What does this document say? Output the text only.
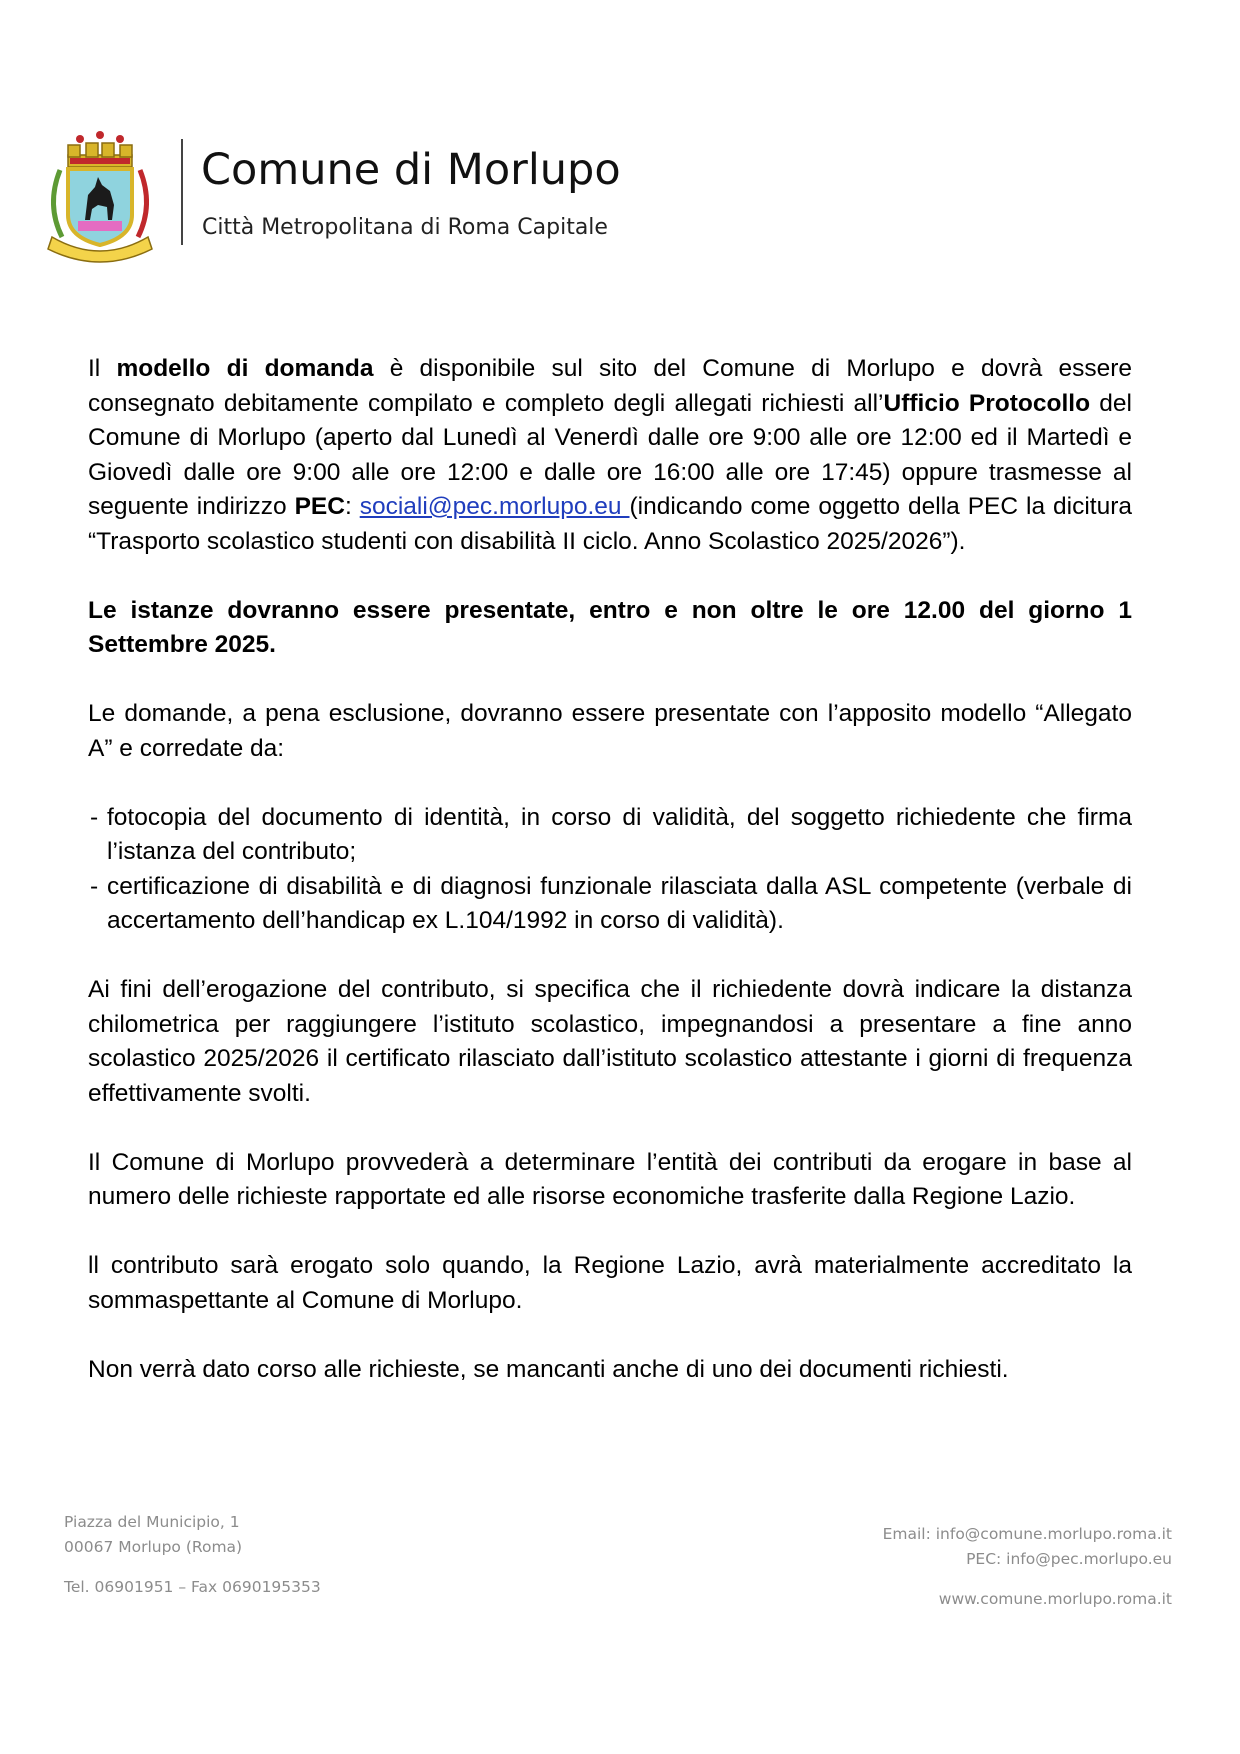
Comune di Morlupo
Città Metropolitana di Roma Capitale

Il modello di domanda è disponibile sul sito del Comune di Morlupo e dovrà essere consegnato debitamente compilato e completo degli allegati richiesti all’Ufficio Protocollo del Comune di Morlupo (aperto dal Lunedì al Venerdì dalle ore 9:00 alle ore 12:00 ed il Martedì e Giovedì dalle ore 9:00 alle ore 12:00 e dalle ore 16:00 alle ore 17:45) oppure trasmesse al seguente indirizzo PEC: sociali@pec.morlupo.eu (indicando come oggetto della PEC la dicitura “Trasporto scolastico studenti con disabilità II ciclo. Anno Scolastico 2025/2026”).

Le istanze dovranno essere presentate, entro e non oltre le ore 12.00 del giorno 1 Settembre 2025.

Le domande, a pena esclusione, dovranno essere presentate con l’apposito modello “Allegato A” e corredate da:

- fotocopia del documento di identità, in corso di validità, del soggetto richiedente che firma l’istanza del contributo;
- certificazione di disabilità e di diagnosi funzionale rilasciata dalla ASL competente (verbale di accertamento dell’handicap ex L.104/1992 in corso di validità).

Ai fini dell’erogazione del contributo, si specifica che il richiedente dovrà indicare la distanza chilometrica per raggiungere l’istituto scolastico, impegnandosi a presentare a fine anno scolastico 2025/2026 il certificato rilasciato dall’istituto scolastico attestante i giorni di frequenza effettivamente svolti.

Il Comune di Morlupo provvederà a determinare l’entità dei contributi da erogare in base al numero delle richieste rapportate ed alle risorse economiche trasferite dalla Regione Lazio.

ll contributo sarà erogato solo quando, la Regione Lazio, avrà materialmente accreditato la sommaspettante al Comune di Morlupo.

Non verrà dato corso alle richieste, se mancanti anche di uno dei documenti richiesti.

Piazza del Municipio, 1
00067 Morlupo (Roma)
Tel. 06901951 – Fax 0690195353
Email: info@comune.morlupo.roma.it
PEC: info@pec.morlupo.eu
www.comune.morlupo.roma.it
